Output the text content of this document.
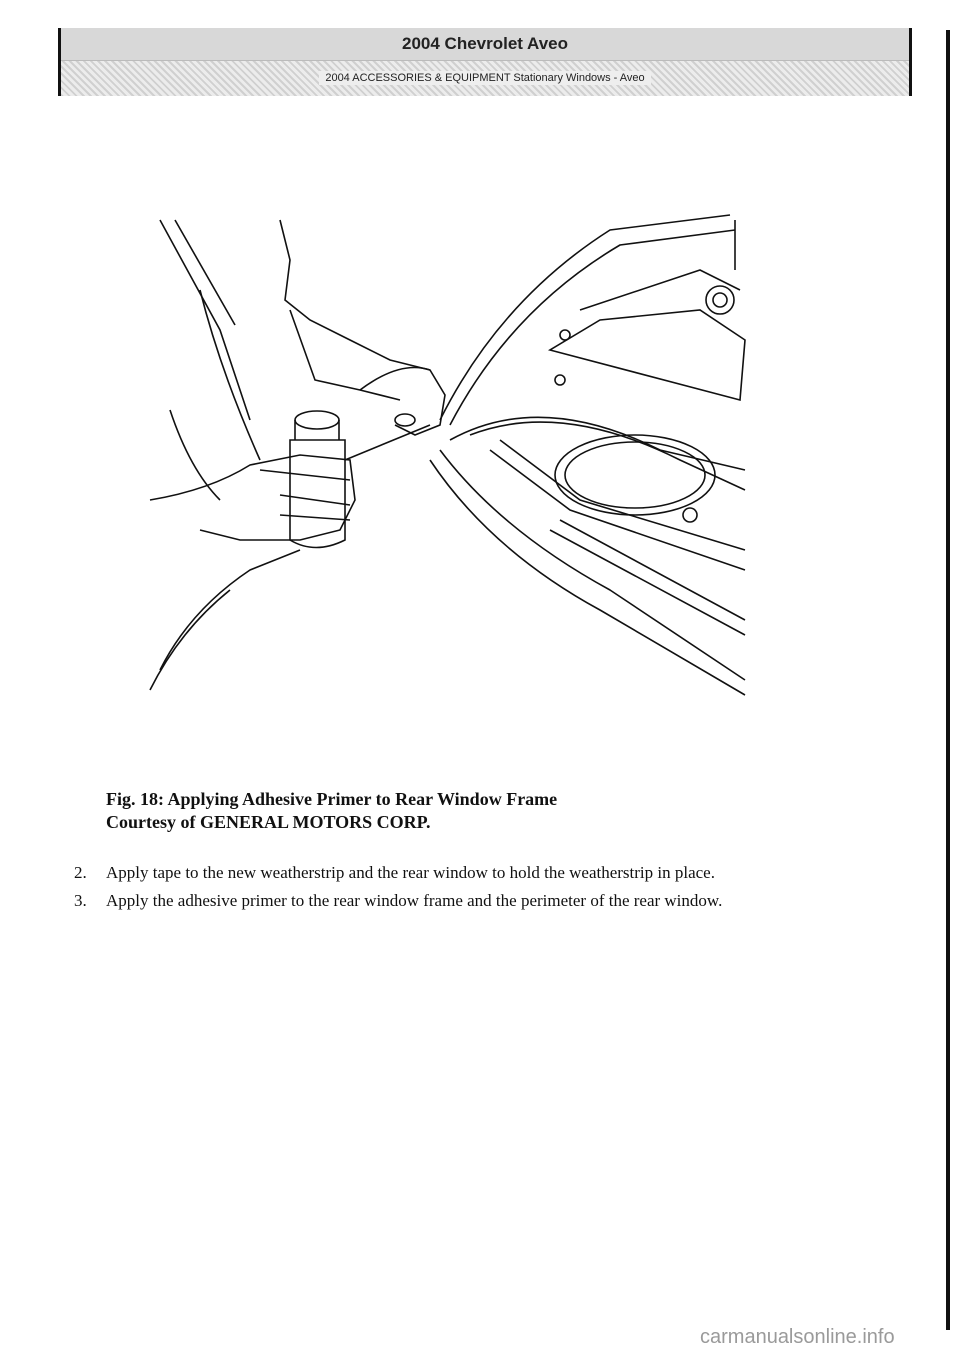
2004 Chevrolet Aveo
2004 ACCESSORIES & EQUIPMENT Stationary Windows - Aveo
Fig. 18: Applying Adhesive Primer to Rear Window Frame
Courtesy of GENERAL MOTORS CORP.
2. Apply tape to the new weatherstrip and the rear window to hold the weatherstrip in place.
3. Apply the adhesive primer to the rear window frame and the perimeter of the rear window.
carmanualsonline.info
